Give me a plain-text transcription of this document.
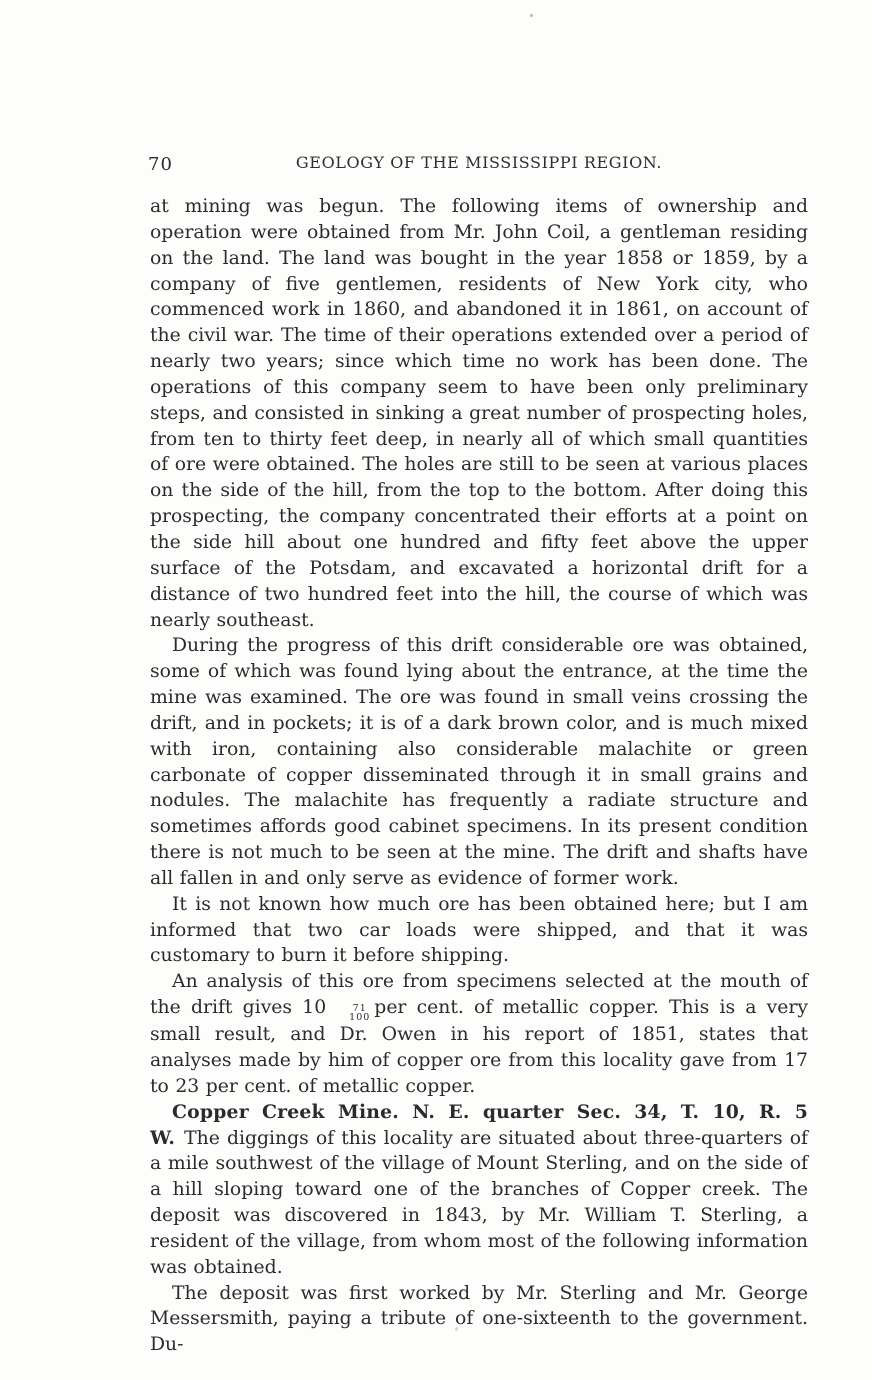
70	GEOLOGY OF THE MISSISSIPPI REGION.

at mining was begun. The following items of ownership and operation were obtained from Mr. John Coil, a gentleman residing on the land. The land was bought in the year 1858 or 1859, by a company of five gentlemen, residents of New York city, who commenced work in 1860, and abandoned it in 1861, on account of the civil war. The time of their operations extended over a period of nearly two years; since which time no work has been done. The operations of this company seem to have been only preliminary steps, and consisted in sinking a great number of prospecting holes, from ten to thirty feet deep, in nearly all of which small quantities of ore were obtained. The holes are still to be seen at various places on the side of the hill, from the top to the bottom. After doing this prospecting, the company concentrated their efforts at a point on the side hill about one hundred and fifty feet above the upper surface of the Potsdam, and excavated a horizontal drift for a distance of two hundred feet into the hill, the course of which was nearly southeast.

During the progress of this drift considerable ore was obtained, some of which was found lying about the entrance, at the time the mine was examined. The ore was found in small veins crossing the drift, and in pockets; it is of a dark brown color, and is much mixed with iron, containing also considerable malachite or green carbonate of copper disseminated through it in small grains and nodules. The malachite has frequently a radiate structure and sometimes affords good cabinet specimens. In its present condition there is not much to be seen at the mine. The drift and shafts have all fallen in and only serve as evidence of former work.

It is not known how much ore has been obtained here; but I am informed that two car loads were shipped, and that it was customary to burn it before shipping.

An analysis of this ore from specimens selected at the mouth of the drift gives 10	71
100 per cent. of metallic copper. This is a very small result, and Dr. Owen in his report of 1851, states that analyses made by him of copper ore from this locality gave from 17 to 23 per cent. of metallic copper.

Copper Creek Mine. N. E. quarter Sec. 34, T. 10, R. 5 W. The diggings of this locality are situated about three-quarters of a mile southwest of the village of Mount Sterling, and on the side of a hill sloping toward one of the branches of Copper creek. The deposit was discovered in 1843, by Mr. William T. Sterling, a resident of the village, from whom most of the following information was obtained.

The deposit was first worked by Mr. Sterling and Mr. George Messersmith, paying a tribute of one-sixteenth to the government. Du-
